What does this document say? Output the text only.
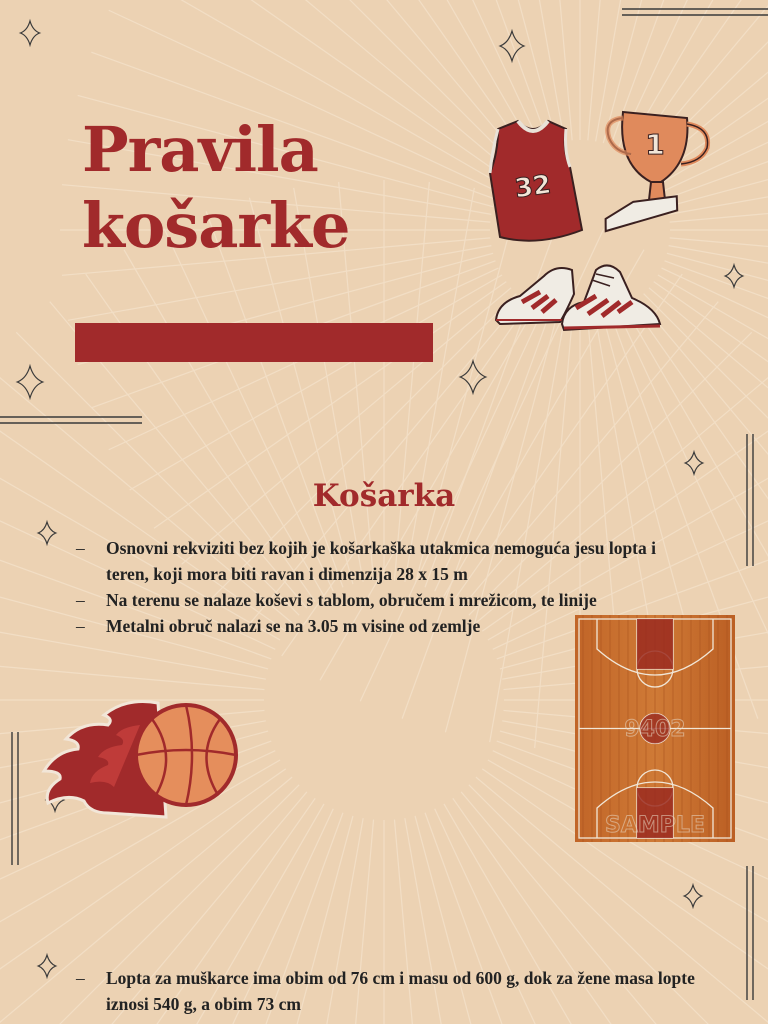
Pravila
košarke
32
1
Košarka
– Osnovni rekviziti bez kojih je košarkaška utakmica nemoguća jesu lopta i teren, koji mora biti ravan i dimenzija 28 x 15 m
– Na terenu se nalaze koševi s tablom, obručem i mrežicom, te linije
– Metalni obruč nalazi se na 3.05 m visine od zemlje
9402
SAMPLE
– Lopta za muškarce ima obim od 76 cm i masu od 600 g, dok za žene masa lopte iznosi 540 g, a obim 73 cm
